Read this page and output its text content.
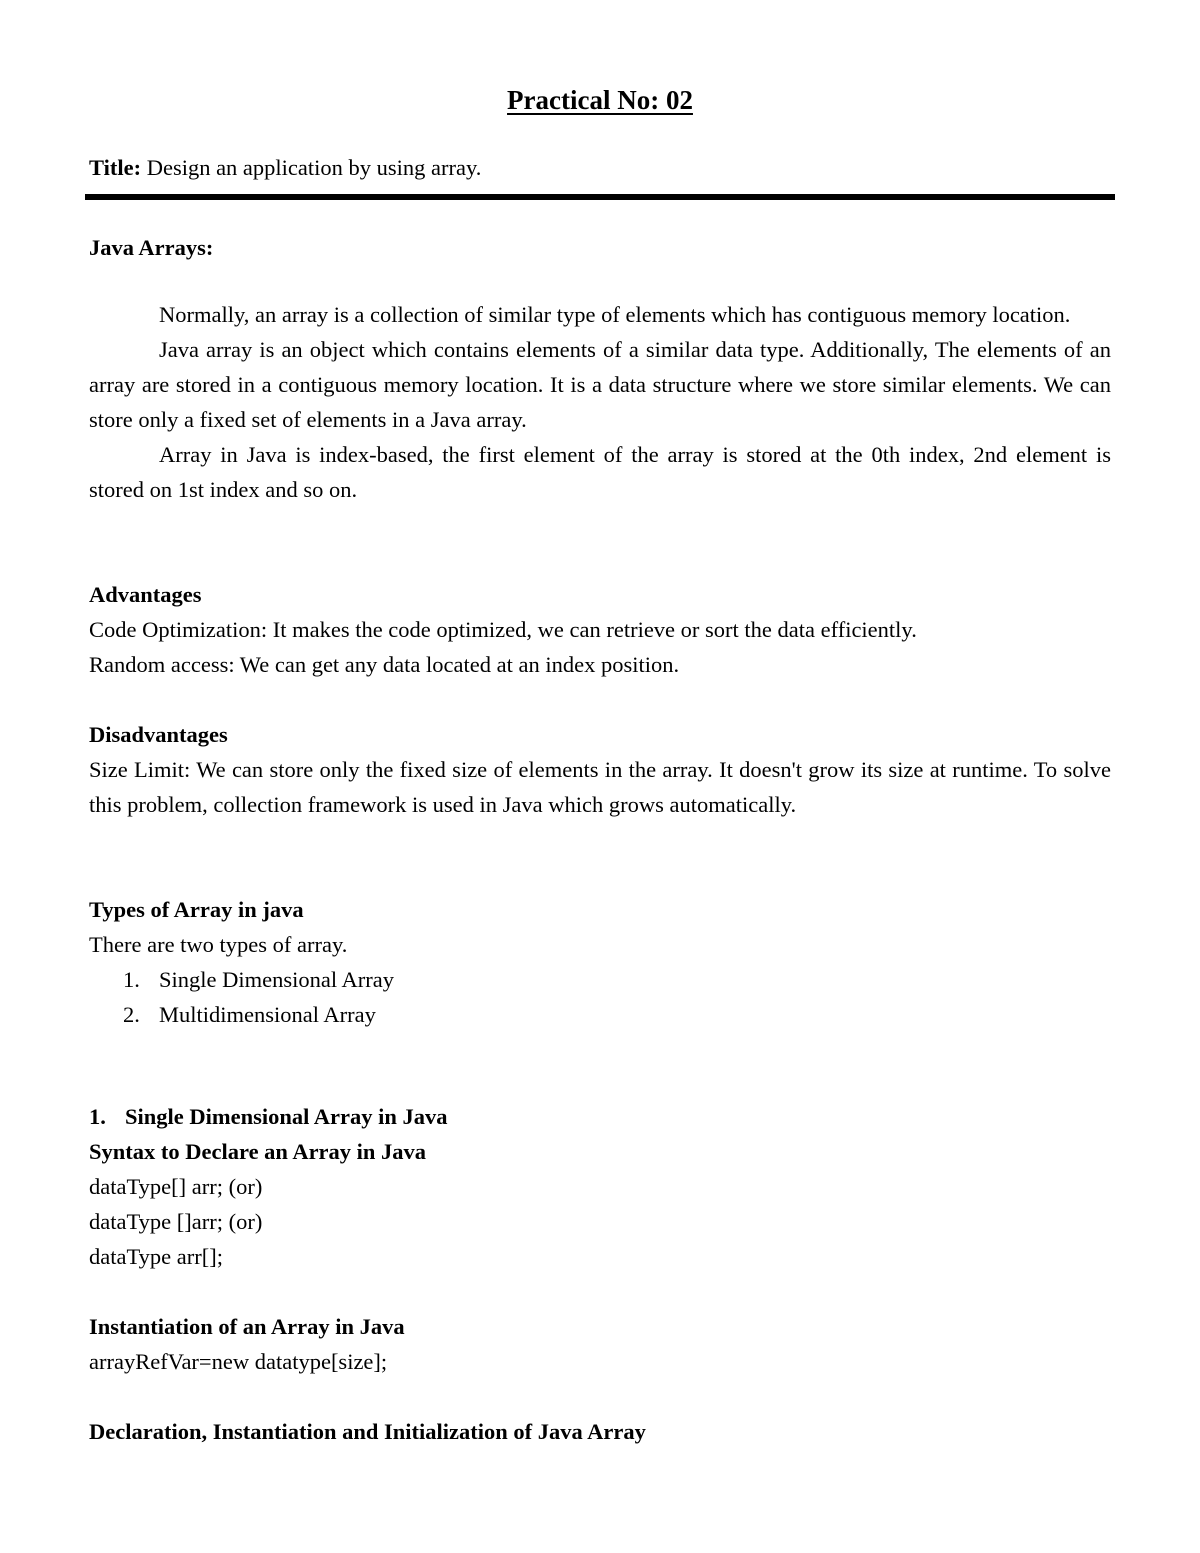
Practical No: 02
Title: Design an application by using array.
Java Arrays:
Normally, an array is a collection of similar type of elements which has contiguous memory location.
Java array is an object which contains elements of a similar data type. Additionally, The elements of an array are stored in a contiguous memory location. It is a data structure where we store similar elements. We can store only a fixed set of elements in a Java array.
Array in Java is index-based, the first element of the array is stored at the 0th index, 2nd element is stored on 1st index and so on.
Advantages
Code Optimization: It makes the code optimized, we can retrieve or sort the data efficiently.
Random access: We can get any data located at an index position.
Disadvantages
Size Limit: We can store only the fixed size of elements in the array. It doesn't grow its size at runtime. To solve this problem, collection framework is used in Java which grows automatically.
Types of Array in java
There are two types of array.
1. Single Dimensional Array
2. Multidimensional Array
1. Single Dimensional Array in Java
Syntax to Declare an Array in Java
dataType[] arr; (or)
dataType []arr; (or)
dataType arr[];
Instantiation of an Array in Java
arrayRefVar=new datatype[size];
Declaration, Instantiation and Initialization of Java Array
